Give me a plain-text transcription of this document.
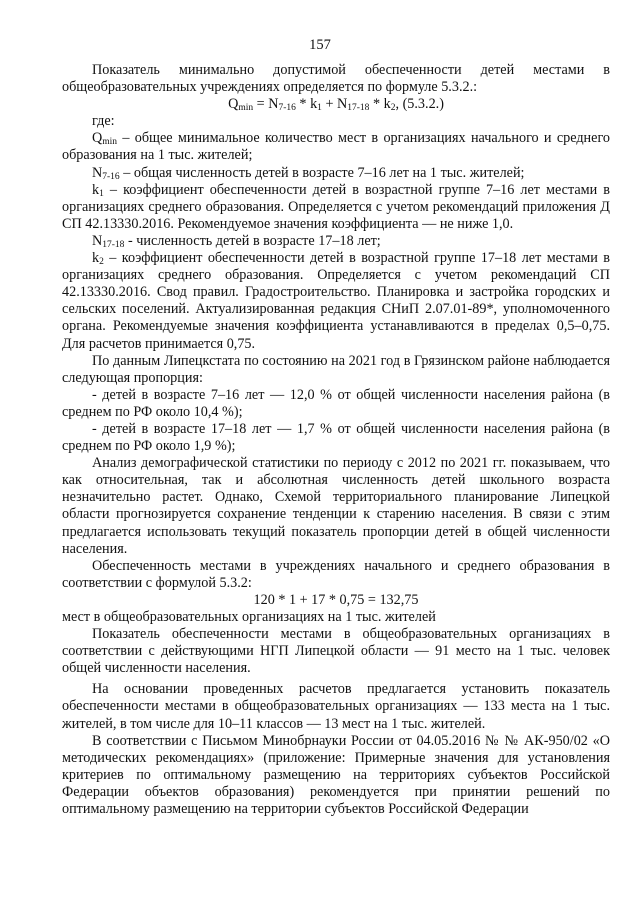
157

Показатель минимально допустимой обеспеченности детей местами в общеобразовательных учреждениях определяется по формуле 5.3.2.:

$Q_{min} = N_{7-16} * k_1 + N_{17-18} * k_2$, (5.3.2.)

где:

$Q_{min}$ – общее минимальное количество мест в организациях начального и среднего образования на 1 тыс. жителей;

$N_{7-16}$ – общая численность детей в возрасте 7–16 лет на 1 тыс. жителей;

$k_1$ – коэффициент обеспеченности детей в возрастной группе 7–16 лет местами в организациях среднего образования. Определяется с учетом рекомендаций приложения Д СП 42.13330.2016. Рекомендуемое значения коэффициента — не ниже 1,0.

$N_{17-18}$ - численность детей в возрасте 17–18 лет;

$k_2$ – коэффициент обеспеченности детей в возрастной группе 17–18 лет местами в организациях среднего образования. Определяется с учетом рекомендаций СП 42.13330.2016. Свод правил. Градостроительство. Планировка и застройка городских и сельских поселений. Актуализированная редакция СНиП 2.07.01-89*, уполномоченного органа. Рекомендуемые значения коэффициента устанавливаются в пределах 0,5–0,75. Для расчетов принимается 0,75.

По данным Липецкстата по состоянию на 2021 год в Грязинском районе наблюдается следующая пропорция:

- детей в возрасте 7–16 лет — 12,0 % от общей численности населения района (в среднем по РФ около 10,4 %);

- детей в возрасте 17–18 лет — 1,7 % от общей численности населения района (в среднем по РФ около 1,9 %);

Анализ демографической статистики по периоду с 2012 по 2021 гг. показываем, что как относительная, так и абсолютная численность детей школьного возраста незначительно растет. Однако, Схемой территориального планирование Липецкой области прогнозируется сохранение тенденции к старению населения. В связи с этим предлагается использовать текущий показатель пропорции детей в общей численности населения.

Обеспеченность местами в учреждениях начального и среднего образования в соответствии с формулой 5.3.2:

120 * 1 + 17 * 0,75 = 132,75

мест в общеобразовательных организациях на 1 тыс. жителей

Показатель обеспеченности местами в общеобразовательных организациях в соответствии с действующими НГП Липецкой области — 91 место на 1 тыс. человек общей численности населения.

На основании проведенных расчетов предлагается установить показатель обеспеченности местами в общеобразовательных организациях — 133 места на 1 тыс. жителей, в том числе для 10–11 классов — 13 мест на 1 тыс. жителей.

В соответствии с Письмом Минобрнауки России от 04.05.2016 № № АК-950/02 «О методических рекомендациях» (приложение: Примерные значения для установления критериев по оптимальному размещению на территориях субъектов Российской Федерации объектов образования) рекомендуется при принятии решений по оптимальному размещению на территории субъектов Российской Федерации
